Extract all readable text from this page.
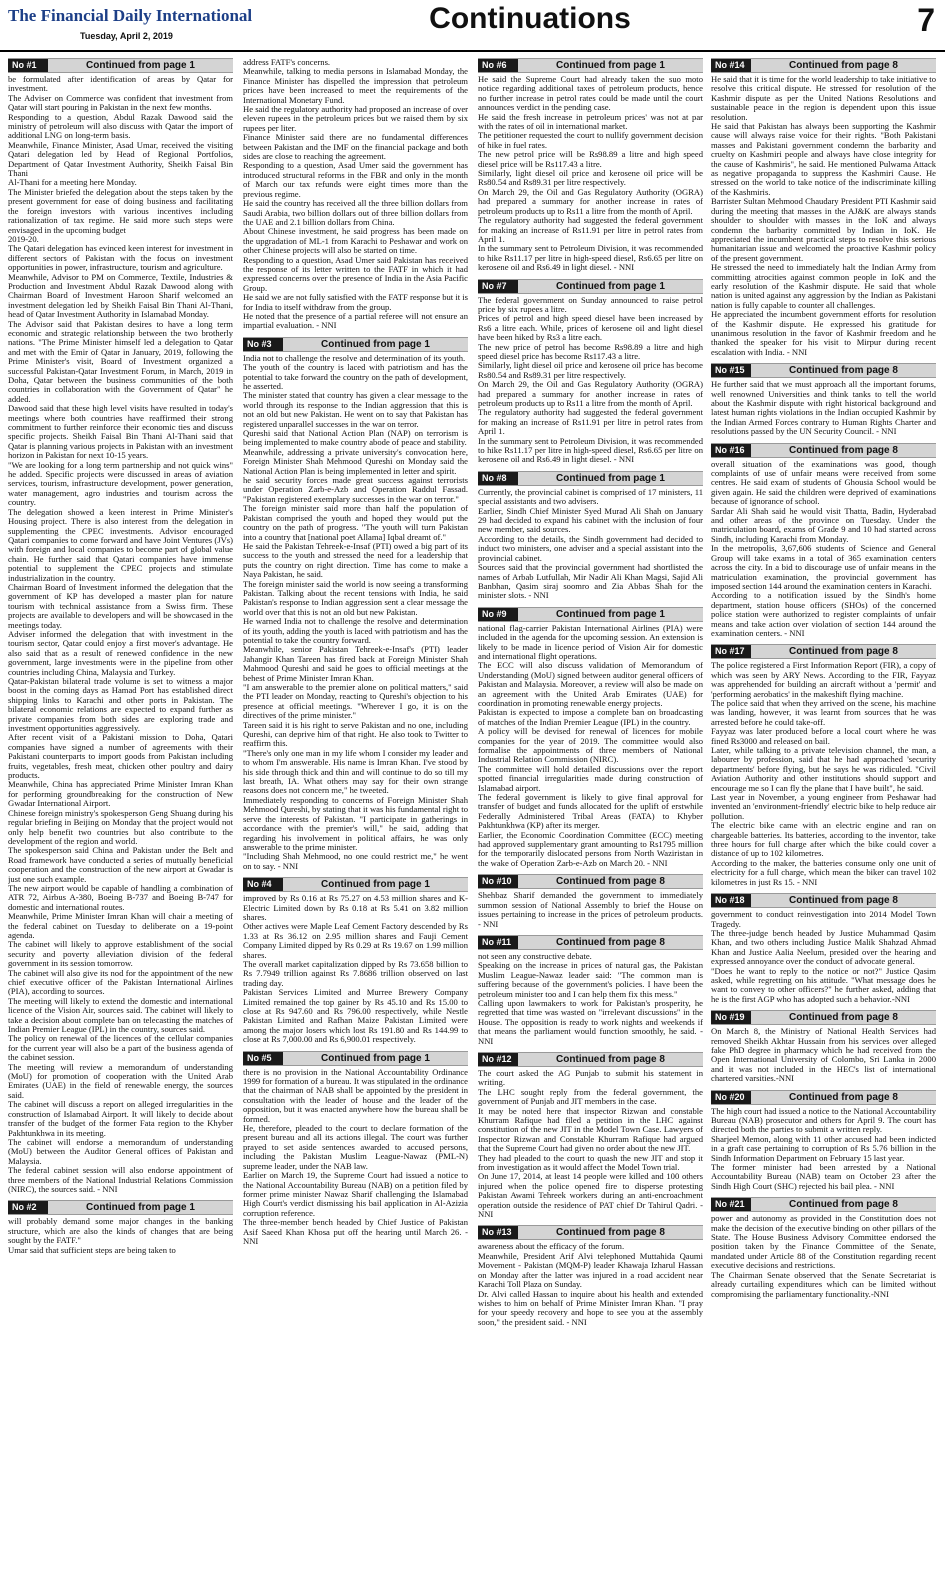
The Financial Daily International
Tuesday, April 2, 2019
Continuations	7
No #1	Continued from page 1
be formulated after identification of areas by Qatar for investment.
The Adviser on Commerce was confident that investment from Qatar will start pouring in Pakistan in the next few months.
Responding to a question, Abdul Razak Dawood said the ministry of petroleum will also discuss with Qatar the import of additional LNG on long-term basis.
Meanwhile, Finance Minister, Asad Umar, received the visiting Qatari delegation led by Head of Regional Portfolios, Department of Qatar Investment Authority, Sheikh Faisal Bin Thani
Al-Thani for a meeting here Monday.
The Minister briefed the delegation about the steps taken by the present government for ease of doing business and facilitating the foreign investors with various incentives including rationalization of tax regime. He said more such steps were envisaged in the upcoming budget
2019-20.
The Qatari delegation has evinced keen interest for investment in different sectors of Pakistan with the focus on investment opportunities in power, infrastructure, tourism and agriculture.
Meanwhile, Advisor to PM on Commerce, Textile, Industries & Production and Investment Abdul Razak Dawood along with Chairman Board of Investment Haroon Sharif welcomed an investment delegation led by Sheikh Faisal Bin Thani Al-Thani, head of Qatar Investment Authority in Islamabad Monday.
The Advisor said that Pakistan desires to have a long term economic and strategic relationship between the two brotherly nations. "The Prime Minister himself led a delegation to Qatar and met with the Emir of Qatar in January, 2019, following the Prime Minister's visit, Board of Investment organized a successful Pakistan-Qatar Investment Forum, in March, 2019 in Doha, Qatar between the business communities of the both countries in collaboration with the Government of Qatar" he added.
Dawood said that these high level visits have resulted in today's meetings where both countries have reaffirmed their strong commitment to further reinforce their economic ties and discuss specific projects. Sheikh Faisal Bin Thani Al-Thani said that Qatar is planning various projects in Pakistan with an investment horizon in Pakistan for next 10-15 years.
"We are looking for a long term partnership and not quick wins" he added. Specific projects were discussed in areas of aviation services, tourism, infrastructure development, power generation, water management, agro industries and tourism across the country.
The delegation showed a keen interest in Prime Minister's Housing project. There is also interest from the delegation in supplementing the CPEC investments. Advisor encouraged Qatari companies to come forward and have Joint Ventures (JVs) with foreign and local companies to become part of global value chain. He further said that Qatari companies have immense potential to supplement the CPEC projects and stimulate industrialization in the country.
Chairman Board of Investment informed the delegation that the government of KP has developed a master plan for nature tourism with technical assistance from a Swiss firm. These projects are available to developers and will be showcased in the meetings today.
Adviser informed the delegation that with investment in the tourism sector, Qatar could enjoy a first mover's advantage. He also said that as a result of renewed confidence in the new government, large investments were in the pipeline from other countries including China, Malaysia and Turkey.
Qatar-Pakistan bilateral trade volume is set to witness a major boost in the coming days as Hamad Port has established direct shipping links to Karachi and other ports in Pakistan. The bilateral economic relations are expected to expand further as private companies from both sides are exploring trade and investment opportunities aggressively.
After recent visit of a Pakistani mission to Doha, Qatari companies have signed a number of agreements with their Pakistani counterparts to import goods from Pakistan including fruits, vegetables, fresh meat, chicken other poultry and dairy products.
Meanwhile, China has appreciated Prime Minister Imran Khan for performing groundbreaking for the construction of New Gwadar International Airport.
Chinese foreign ministry's spokesperson Geng Shuang during his regular briefing in Beijing on Monday that the project would not only help benefit two countries but also contribute to the development of the region and world.
The spokesperson said China and Pakistan under the Belt and Road framework have conducted a series of mutually beneficial cooperation and the construction of the new airport at Gwadar is just one such example.
The new airport would be capable of handling a combination of ATR 72, Airbus A-380, Boeing B-737 and Boeing B-747 for domestic and international routes.
Meanwhile, Prime Minister Imran Khan will chair a meeting of the federal cabinet on Tuesday to deliberate on a 19-point agenda.
The cabinet will likely to approve establishment of the social security and poverty alleviation division of the federal government in its session tomorrow.
The cabinet will also give its nod for the appointment of the new chief executive officer of the Pakistan International Airlines (PIA), according to sources.
The meeting will likely to extend the domestic and international licence of the Vision Air, sources said. The cabinet will likely to take a decision about complete ban on telecasting the matches of Indian Premier League (IPL) in the country, sources said.
The policy on renewal of the licences of the cellular companies for the current year will also be a part of the business agenda of the cabinet session.
The meeting will review a memorandum of understanding (MoU) for promotion of cooperation with the United Arab Emirates (UAE) in the field of renewable energy, the sources said.
The cabinet will discuss a report on alleged irregularities in the construction of Islamabad Airport. It will likely to decide about transfer of the budget of the former Fata region to the Khyber Pakhtunkhwa in its meeting.
The cabinet will endorse a memorandum of understanding (MoU) between the Auditor General offices of Pakistan and Malaysia.
The federal cabinet session will also endorse appointment of three members of the National Industrial Relations Commission (NIRC), the sources said. - NNI
No #2	Continued from page 1
will probably demand some major changes in the banking structure, which are also the kinds of changes that are being sought by the FATF."
Umar said that sufficient steps are being taken to
address FATF's concerns.
Meanwhile, talking to media persons in Islamabad Monday, the Finance Minister has dispelled the impression that petroleum prices have been increased to meet the requirements of the International Monetary Fund.
He said the regulatory authority had proposed an increase of over eleven rupees in the petroleum prices but we raised them by six rupees per liter.
Finance Minister said there are no fundamental differences between Pakistan and the IMF on the financial package and both sides are close to reaching the agreement.
Responding to a question, Asad Umer said the government has introduced structural reforms in the FBR and only in the month of March our tax refunds were eight times more than the previous regime.
He said the country has received all the three billion dollars from Saudi Arabia, two billion dollars out of three billion dollars from the UAE and 2.1 billion dollars from China.
About Chinese investment, he said progress has been made on the upgradation of ML-1 from Karachi to Peshawar and work on other Chinese projects will also be started on time.
Responding to a question, Asad Umer said Pakistan has received the response of its letter written to the FATF in which it had expressed concerns over the presence of India in the Asia Pacific Group.
He said we are not fully satisfied with the FATF response but it is for India to itself withdraw from the group.
He noted that the presence of a partial referee will not ensure an impartial evaluation. - NNI
No #3	Continued from page 1
India not to challenge the resolve and determination of its youth.
The youth of the country is laced with patriotism and has the potential to take forward the country on the path of development, he asserted.
The minister stated that country has given a clear message to the world through its response to the Indian aggression that this is not an old but new Pakistan. He went on to say that Pakistan has registered unparallel successes in the war on terror.
Qureshi said that National Action Plan (NAP) on terrorism is being implemented to make country abode of peace and stability.
Meanwhile, addressing a private university's convocation here, Foreign Minister Shah Mehmood Qureshi on Monday said the National Action Plan is being implemented in letter and spirit.
he said security forces made great success against terrorists under Operation Zarb-e-Azb and Operation Raddul Fassad. "Pakistan registered exemplary successes in the war on terror."
The foreign minister said more than half the population of Pakistan comprised the youth and hoped they would put the country on the path of progress. "The youth will turn Pakistan into a country that [national poet Allama] Iqbal dreamt of."
He said the Pakistan Tehreek-e-Insaf (PTI) owed a big part of its success to the youth and stressed the need for a leadership that puts the country on right direction. Time has come to make a Naya Pakistan, he said.
The foreign minister said the world is now seeing a transforming Pakistan. Talking about the recent tensions with India, he said Pakistan's response to Indian aggression sent a clear message the world over that this is not an old but new Pakistan.
He warned India not to challenge the resolve and determination of its youth, adding the youth is laced with patriotism and has the potential to take the country forward.
Meanwhile, senior Pakistan Tehreek-e-Insaf's (PTI) leader Jahangir Khan Tareen has fired back at Foreign Minister Shah Mahmood Qureshi and said he goes to official meetings at the behest of Prime Minister Imran Khan.
"I am answerable to the premier alone on political matters," said the PTI leader on Monday, reacting to Qureshi's objection to his presence at official meetings. "Wherever I go, it is on the directives of the prime minister."
Tareen said it is his right to serve Pakistan and no one, including Qureshi, can deprive him of that right. He also took to Twitter to reaffirm this.
"There's only one man in my life whom I consider my leader and to whom I'm answerable. His name is Imran Khan. I've stood by his side through thick and thin and will continue to do so till my last breath, IA. What others may say for their own strange reasons does not concern me," he tweeted.
Immediately responding to concerns of Foreign Minister Shah Mehmood Qureshi, by stating that it was his fundamental right to serve the interests of Pakistan. "I participate in gatherings in accordance with the premier's will," he said, adding that regarding his involvement in political affairs, he was only answerable to the prime minister.
"Including Shah Mehmood, no one could restrict me," he went on to say. - NNI
No #4	Continued from page 1
improved by Rs 0.16 at Rs 75.27 on 4.53 million shares and K-Electric Limited down by Rs 0.18 at Rs 5.41 on 3.82 million shares.
Other actives were Maple Leaf Cement Factory descended by Rs 1.33 at Rs 36.12 on 2.95 million shares and Fauji Cement Company Limited dipped by Rs 0.29 at Rs 19.67 on 1.99 million shares.
The overall market capitalization dipped by Rs 73.658 billion to Rs 7.7949 trillion against Rs 7.8686 trillion observed on last trading day.
Pakistan Services Limited and Murree Brewery Company Limited remained the top gainer by Rs 45.10 and Rs 15.00 to close at Rs 947.60 and Rs 796.00 respectively, while Nestle Pakistan Limited and Rafhan Maize Pakistan Limited were among the major losers which lost Rs 191.80 and Rs 144.99 to close at Rs 7,000.00 and Rs 6,900.01 respectively.
No #5	Continued from page 1
there is no provision in the National Accountability Ordinance 1999 for formation of a bureau. It was stipulated in the ordinance that the chairman of NAB shall be appointed by the president in consultation with the leader of house and the leader of the opposition, but it was enacted anywhere how the bureau shall be formed.
He, therefore, pleaded to the court to declare formation of the present bureau and all its actions illegal. The court was further prayed to set aside sentences awarded to accused persons, including the Pakistan Muslim League-Nawaz (PML-N) supreme leader, under the NAB law.
Earlier on March 19, the Supreme Court had issued a notice to the National Accountability Bureau (NAB) on a petition filed by former prime minister Nawaz Sharif challenging the Islamabad High Court's verdict dismissing his bail application in Al-Azizia corruption reference.
The three-member bench headed by Chief Justice of Pakistan Asif Saeed Khan Khosa put off the hearing until March 26. - NNI
No #6	Continued from page 1
He said the Supreme Court had already taken the suo moto notice regarding additional taxes of petroleum products, hence no further increase in petrol rates could be made until the court announces verdict in the pending case.
He said the fresh increase in petroleum prices' was not at par with the rates of oil in international market.
The petitioner requested the court to nullify government decision of hike in fuel rates.
The new petrol price will be Rs98.89 a litre and high speed diesel price will be Rs117.43 a litre.
Similarly, light diesel oil price and kerosene oil price will be Rs80.54 and Rs89.31 per litre respectively.
On March 29, the Oil and Gas Regulatory Authority (OGRA) had prepared a summary for another increase in rates of petroleum products up to Rs11 a litre from the month of April.
The regulatory authority had suggested the federal government for making an increase of Rs11.91 per litre in petrol rates from April 1.
In the summary sent to Petroleum Division, it was recommended to hike Rs11.17 per litre in high-speed diesel, Rs6.65 per litre on kerosene oil and Rs6.49 in light diesel. - NNI
No #7	Continued from page 1
The federal government on Sunday announced to raise petrol price by six rupees a litre.
Prices of petrol and high speed diesel have been increased by Rs6 a litre each. While, prices of kerosene oil and light diesel have been hiked by Rs3 a litre each.
The new price of petrol has become Rs98.89 a litre and high speed diesel price has become Rs117.43 a litre.
Similarly, light diesel oil price and kerosene oil price has become Rs80.54 and Rs89.31 per litre respectively.
On March 29, the Oil and Gas Regulatory Authority (OGRA) had prepared a summary for another increase in rates of petroleum products up to Rs11 a litre from the month of April.
The regulatory authority had suggested the federal government for making an increase of Rs11.91 per litre in petrol rates from April 1.
In the summary sent to Petroleum Division, it was recommended to hike Rs11.17 per litre in high-speed diesel, Rs6.65 per litre on kerosene oil and Rs6.49 in light diesel. - NNI
No #8	Continued from page 1
Currently, the provincial cabinet is comprised of 17 ministers, 11 special assistants and two advisers.
Earlier, Sindh Chief Minister Syed Murad Ali Shah on January 29 had decided to expand his cabinet with the inclusion of four new member, said sources.
According to the details, the Sindh government had decided to induct two ministers, one adviser and a special assistant into the provincial cabinet.
Sources said that the provincial government had shortlisted the names of Arbab Lutfullah, Mir Nadir Ali Khan Magsi, Sajid Ali Banbhan, Qasim siraj soomro and Zia Abbas Shah for the minister slots. - NNI
No #9	Continued from page 1
national flag-carrier Pakistan International Airlines (PIA) were included in the agenda for the upcoming session. An extension is likely to be made in licence period of Vision Air for domestic and international flight operations.
The ECC will also discuss validation of Memorandum of Understanding (MoU) signed between auditor general officers of Pakistan and Malaysia. Moreover, a review will also be made on an agreement with the United Arab Emirates (UAE) for coordination in promoting renewable energy projects.
Pakistan is expected to impose a complete ban on broadcasting of matches of the Indian Premier League (IPL) in the country.
A policy will be devised for renewal of licences for mobile companies for the year of 2019. The committee would also formalise the appointments of three members of National Industrial Relation Commission (NIRC).
The committee will hold detailed discussions over the report spotted financial irregularities made during construction of Islamabad airport.
The federal government is likely to give final approval for transfer of budget and funds allocated for the uplift of erstwhile Federally Administered Tribal Areas (FATA) to Khyber Pakhtunkhwa (KP) after its merger.
Earlier, the Economic Coordination Committee (ECC) meeting had approved supplementary grant amounting to Rs1795 million for the temporarily dislocated persons from North Waziristan in the wake of Operation Zarb-e-Azb on March 20. - NNI
No #10	Continued from page 8
Shehbaz Sharif demanded the government to immediately summon session of National Assembly to brief the House on issues pertaining to increase in the prices of petroleum products. - NNI
No #11	Continued from page 8
not seen any constructive debate.
Speaking on the increase in prices of natural gas, the Pakistan Muslim League-Nawaz leader said: "The common man is suffering because of the government's policies. I have been the petroleum minister too and I can help them fix this mess."
Calling upon lawmakers to work for Pakistan's prosperity, he regretted that time was wasted on "irrelevant discussions" in the House. The opposition is ready to work nights and weekends if that means the parliament would function smoothly, he said. - NNI
No #12	Continued from page 8
The court asked the AG Punjab to submit his statement in writing.
The LHC sought reply from the federal government, the government of Punjab and JIT members in the case.
It may be noted here that inspector Rizwan and constable Khurram Rafique had filed a petition in the LHC against constitution of the new JIT in the Model Town Case. Lawyers of Inspector Rizwan and Constable Khurram Rafique had argued that the Supreme Court had given no order about the new JIT.
They had pleaded to the court to quash the new JIT and stop it from investigation as it would affect the Model Town trial.
On June 17, 2014, at least 14 people were killed and 100 others injured when the police opened fire to disperse protesting Pakistan Awami Tehreek workers during an anti-encroachment operation outside the residence of PAT chief Dr Tahirul Qadri. - NNI
No #13	Continued from page 8
awareness about the efficacy of the forum.
Meanwhile, President Arif Alvi telephoned Muttahida Qaumi Movement - Pakistan (MQM-P) leader Khawaja Izharul Hassan on Monday after the latter was injured in a road accident near Karachi Toll Plaza on Sunday.
Dr. Alvi called Hassan to inquire about his health and extended wishes to him on behalf of Prime Minister Imran Khan. "I pray for your speedy recovery and hope to see you at the assembly soon," the president said. - NNI
No #14	Continued from page 8
He said that it is time for the world leadership to take initiative to resolve this critical dispute. He stressed for resolution of the Kashmir dispute as per the United Nations Resolutions and sustainable peace in the region is dependent upon this issue resolution.
He said that Pakistan has always been supporting the Kashmir cause will always raise voice for their rights. "Both Pakistani masses and Pakistani government condemn the barbarity and cruelty on Kashmiri people and always have close integrity for the cause of Kashmiris", he said. He mentioned Pulwama Attack as negative propaganda to suppress the Kashmiri Cause. He stressed on the world to take notice of the indiscriminate killing of the Kashmiris.
Barrister Sultan Mehmood Chaudary President PTI Kashmir said during the meeting that masses in the AJ&K are always stands shoulder to shoulder with masses in the IoK and always condemn the barbarity committed by Indian in IoK. He appreciated the incumbent practical steps to resolve this serious humanitarian issue and welcomed the proactive Kashmir policy of the present government.
He stressed the need to immediately halt the Indian Army from committing atrocities against common people in IoK and the early resolution of the Kashmir dispute. He said that whole nation is united against any aggression by the Indian as Pakistani nation is fully capable to counter all challenges.
He appreciated the incumbent government efforts for resolution of the Kashmir dispute. He expressed his gratitude for unanimous resolution in the favor of Kashmir freedom and he thanked the speaker for his visit to Mirpur during recent escalation with India. - NNI
No #15	Continued from page 8
He further said that we must approach all the important forums, well renowned Universities and think tanks to tell the world about the Kashmir dispute with right historical background and latest human rights violations in the Indian occupied Kashmir by the Indian Armed Forces contrary to Human Rights Charter and resolutions passed by the UN Security Council. - NNI
No #16	Continued from page 8
overall situation of the examinations was good, though complaints of use of unfair means were received from some centres. He said exam of students of Ghousia School would be given again. He said the children were deprived of examinations because of ignorance of school.
Sardar Ali Shah said he would visit Thatta, Badin, Hyderabad and other areas of the province on Tuesday. Under the matriculation board, exams of Grade 9 and 10 had started across Sindh, including Karachi from Monday.
In the metropolis, 3,67,606 students of Science and General Group will take exams in a total of 365 examination centers across the city. In a bid to discourage use of unfair means in the matriculation examination, the provincial government has imposed section 144 around the examination centers in Karachi.
According to a notification issued by the Sindh's home department, station house officers (SHOs) of the concerned police station were authorized to register complaints of unfair means and take action over violation of section 144 around the examination centers. - NNI
No #17	Continued from page 8
The police registered a First Information Report (FIR), a copy of which was seen by ARY News. According to the FIR, Fayyaz was apprehended for building an aircraft without a 'permit' and 'performing aerobatics' in the makeshift flying machine.
The police said that when they arrived on the scene, his machine was landing, however, it was learnt from sources that he was arrested before he could take-off.
Fayyaz was later produced before a local court where he was fined Rs3000 and released on bail.
Later, while talking to a private television channel, the man, a labourer by profession, said that he had approached 'security departments' before flying, but he says he was ridiculed. "Civil Aviation Authority and other institutions should support and encourage me so I can fly the plane that I have built", he said.
Last year in November, a young engineer from Peshawar had invented an 'environment-friendly' electric bike to help reduce air pollution.
The electric bike came with an electric engine and ran on chargeable batteries. Its batteries, according to the inventor, take three hours for full charge after which the bike could cover a distance of up to 102 kilometres.
According to the maker, the batteries consume only one unit of electricity for a full charge, which mean the biker can travel 102 kilometres in just Rs 15. - NNI
No #18	Continued from page 8
government to conduct reinvestigation into 2014 Model Town Tragedy.
The three-judge bench headed by Justice Muhammad Qasim Khan, and two others including Justice Malik Shahzad Ahmad Khan and Justice Aalia Neelum, presided over the hearing and expressed annoyance over the conduct of advocate general.
"Does he want to reply to the notice or not?" Justice Qasim asked, while regretting on his attitude. "What message does he want to convey to other officers?" he further asked, adding that he is the first AGP who has adopted such a behavior.-NNI
No #19	Continued from page 8
On March 8, the Ministry of National Health Services had removed Sheikh Akhtar Hussain from his services over alleged fake PhD degree in pharmacy which he had received from the Open International University of Colombo, Sri Lanka in 2000 and it was not included in the HEC's list of international chartered varsities.-NNI
No #20	Continued from page 8
The high court had issued a notice to the National Accountability Bureau (NAB) prosecutor and others for April 9. The court has directed both the parties to submit a written reply.
Sharjeel Memon, along with 11 other accused had been indicted in a graft case pertaining to corruption of Rs 5.76 billion in the Sindh Information Department on February 15 last year.
The former minister had been arrested by a National Accountability Bureau (NAB) team on October 23 after the Sindh High Court (SHC) rejected his bail plea. - NNI
No #21	Continued from page 8
power and autonomy as provided in the Constitution does not make the decision of the executive binding on other pillars of the State. The House Business Advisory Committee endorsed the position taken by the Finance Committee of the Senate, mandated under Article 88 of the Constitution regarding recent executive decisions and restrictions.
The Chairman Senate observed that the Senate Secretariat is already curtailing expenditures which can be limited without compromising the parliamentary functionality.-NNI
